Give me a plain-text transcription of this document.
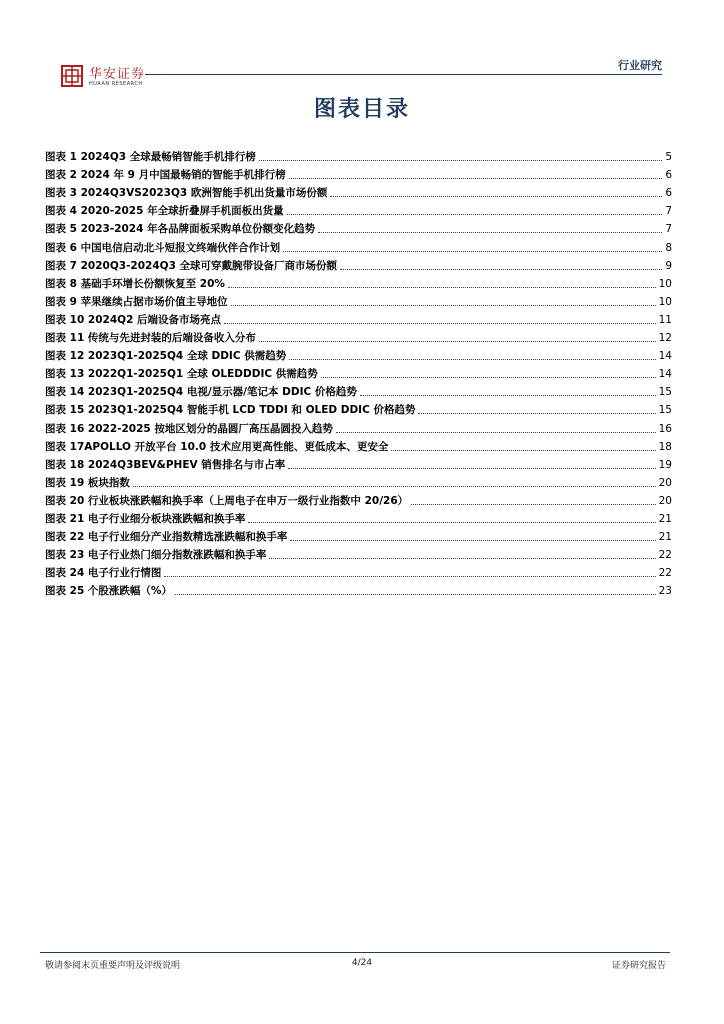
华安证券
HUAAN RESEARCH
行业研究
图表目录
图表 1 2024Q3 全球最畅销智能手机排行榜	5
图表 2 2024 年 9 月中国最畅销的智能手机排行榜	6
图表 3 2024Q3VS2023Q3 欧洲智能手机出货量市场份额	6
图表 4 2020-2025 年全球折叠屏手机面板出货量	7
图表 5 2023-2024 年各品牌面板采购单位份额变化趋势	7
图表 6 中国电信启动北斗短报文终端伙伴合作计划	8
图表 7 2020Q3-2024Q3 全球可穿戴腕带设备厂商市场份额	9
图表 8 基础手环增长份额恢复至 20%	10
图表 9 苹果继续占据市场价值主导地位	10
图表 10 2024Q2 后端设备市场亮点	11
图表 11 传统与先进封装的后端设备收入分布	12
图表 12 2023Q1-2025Q4 全球 DDIC 供需趋势	14
图表 13 2022Q1-2025Q1 全球 OLEDDDIC 供需趋势	14
图表 14 2023Q1-2025Q4 电视/显示器/笔记本 DDIC 价格趋势	15
图表 15 2023Q1-2025Q4 智能手机 LCD TDDI 和 OLED DDIC 价格趋势	15
图表 16 2022-2025 按地区划分的晶圆厂高压晶圆投入趋势	16
图表 17APOLLO 开放平台 10.0 技术应用更高性能、更低成本、更安全	18
图表 18 2024Q3BEV&PHEV 销售排名与市占率	19
图表 19 板块指数	20
图表 20 行业板块涨跌幅和换手率（上周电子在申万一级行业指数中 20/26）	20
图表 21 电子行业细分板块涨跌幅和换手率	21
图表 22 电子行业细分产业指数精选涨跌幅和换手率	21
图表 23 电子行业热门细分指数涨跌幅和换手率	22
图表 24 电子行业行情图	22
图表 25 个股涨跌幅（%）	23
敬请参阅末页重要声明及评级说明	4/24	证券研究报告
